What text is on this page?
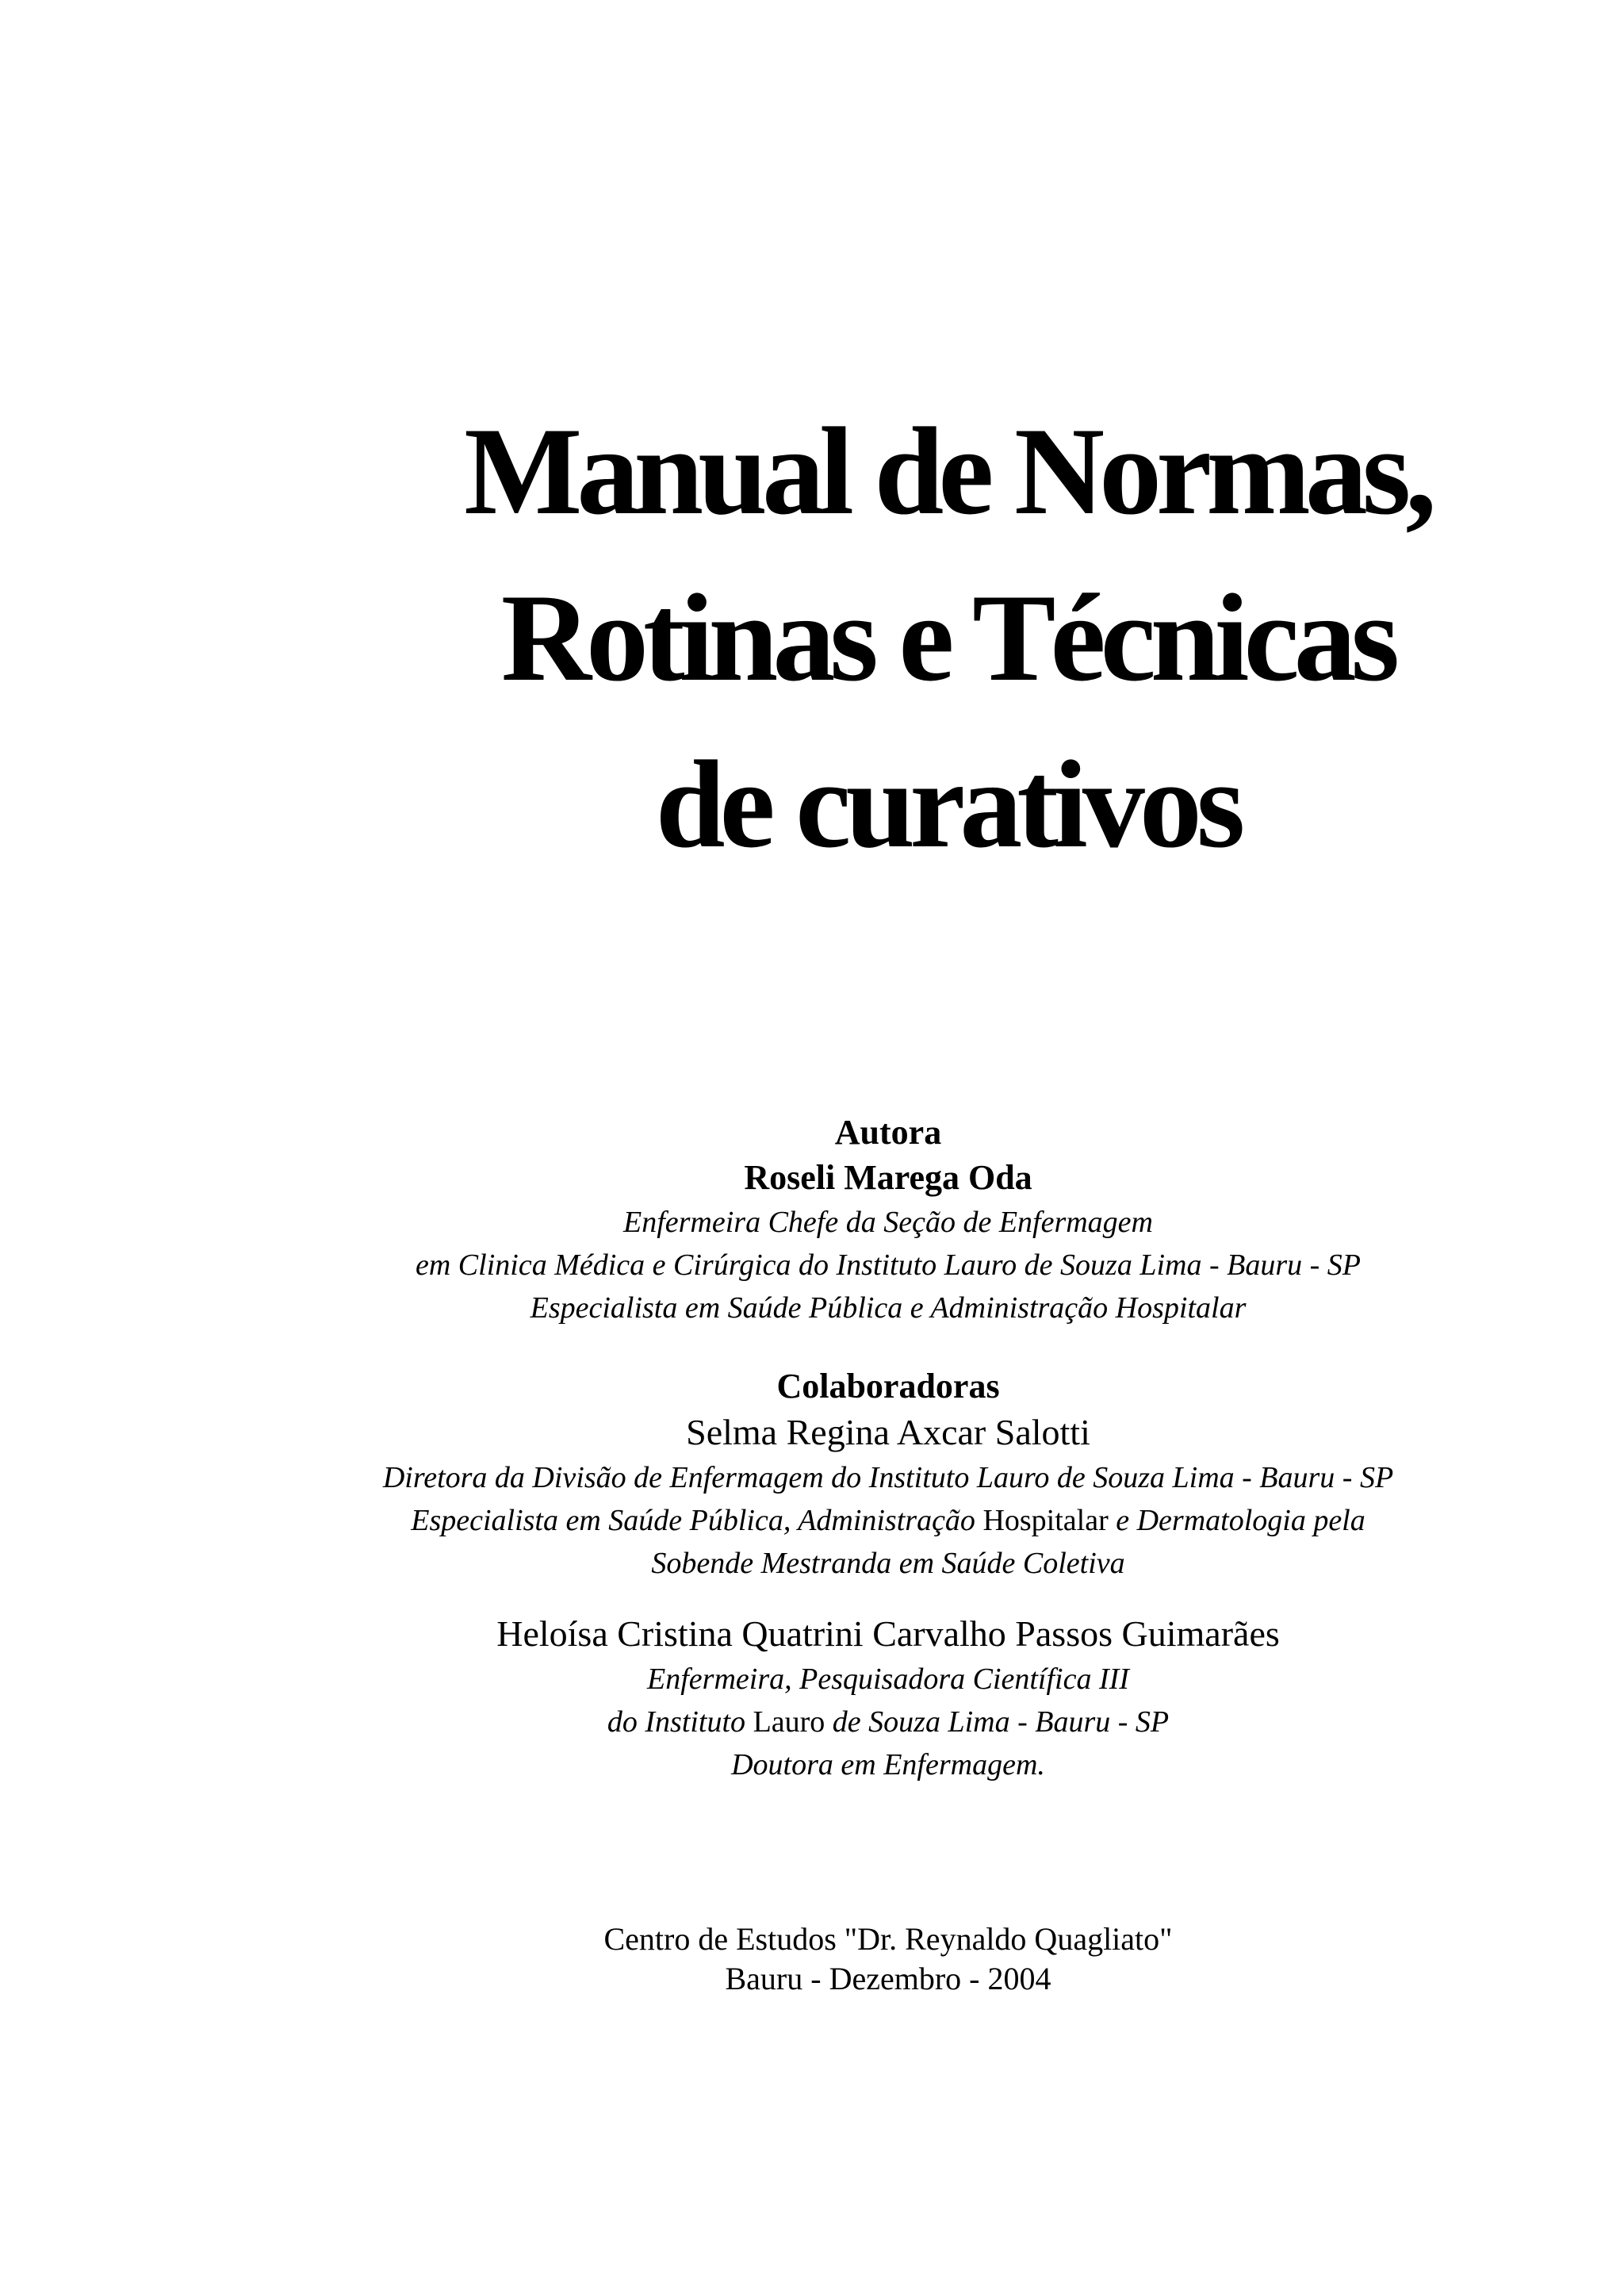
Manual de Normas,
Rotinas e Técnicas
de curativos
Autora
Roseli Marega Oda
Enfermeira Chefe da Seção de Enfermagem
em Clinica Médica e Cirúrgica do Instituto Lauro de Souza Lima - Bauru - SP
Especialista em Saúde Pública e Administração Hospitalar
Colaboradoras
Selma Regina Axcar Salotti
Diretora da Divisão de Enfermagem do Instituto Lauro de Souza Lima - Bauru - SP
Especialista em Saúde Pública, Administração Hospitalar e Dermatologia pela
Sobende Mestranda em Saúde Coletiva
Heloísa Cristina Quatrini Carvalho Passos Guimarães
Enfermeira, Pesquisadora Científica III
do Instituto Lauro de Souza Lima - Bauru - SP
Doutora em Enfermagem.
Centro de Estudos "Dr. Reynaldo Quagliato"
Bauru - Dezembro - 2004
